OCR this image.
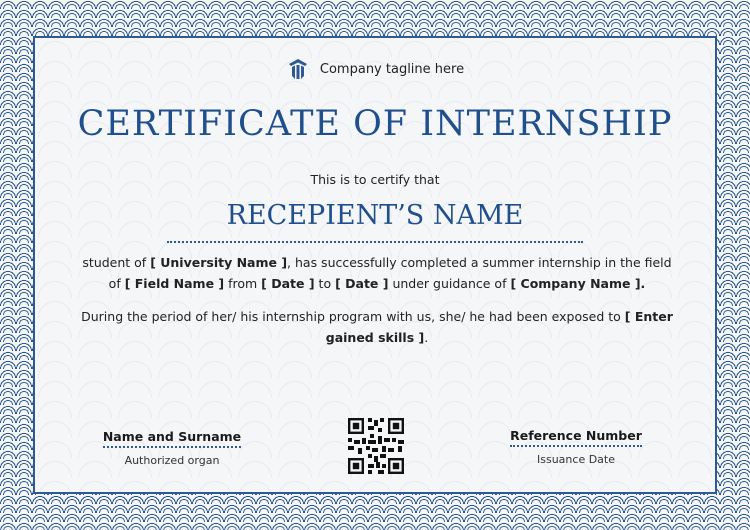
Company tagline here
CERTIFICATE OF INTERNSHIP
This is to certify that
RECEPIENT’S NAME
student of [ University Name ], has successfully completed a summer internship in the field of [ Field Name ] from [ Date ] to [ Date ] under guidance of [ Company Name ].
During the period of her/ his internship program with us, she/ he had been exposed to [ Enter gained skills ].
Name and Surname
Authorized organ
Reference Number
Issuance Date
